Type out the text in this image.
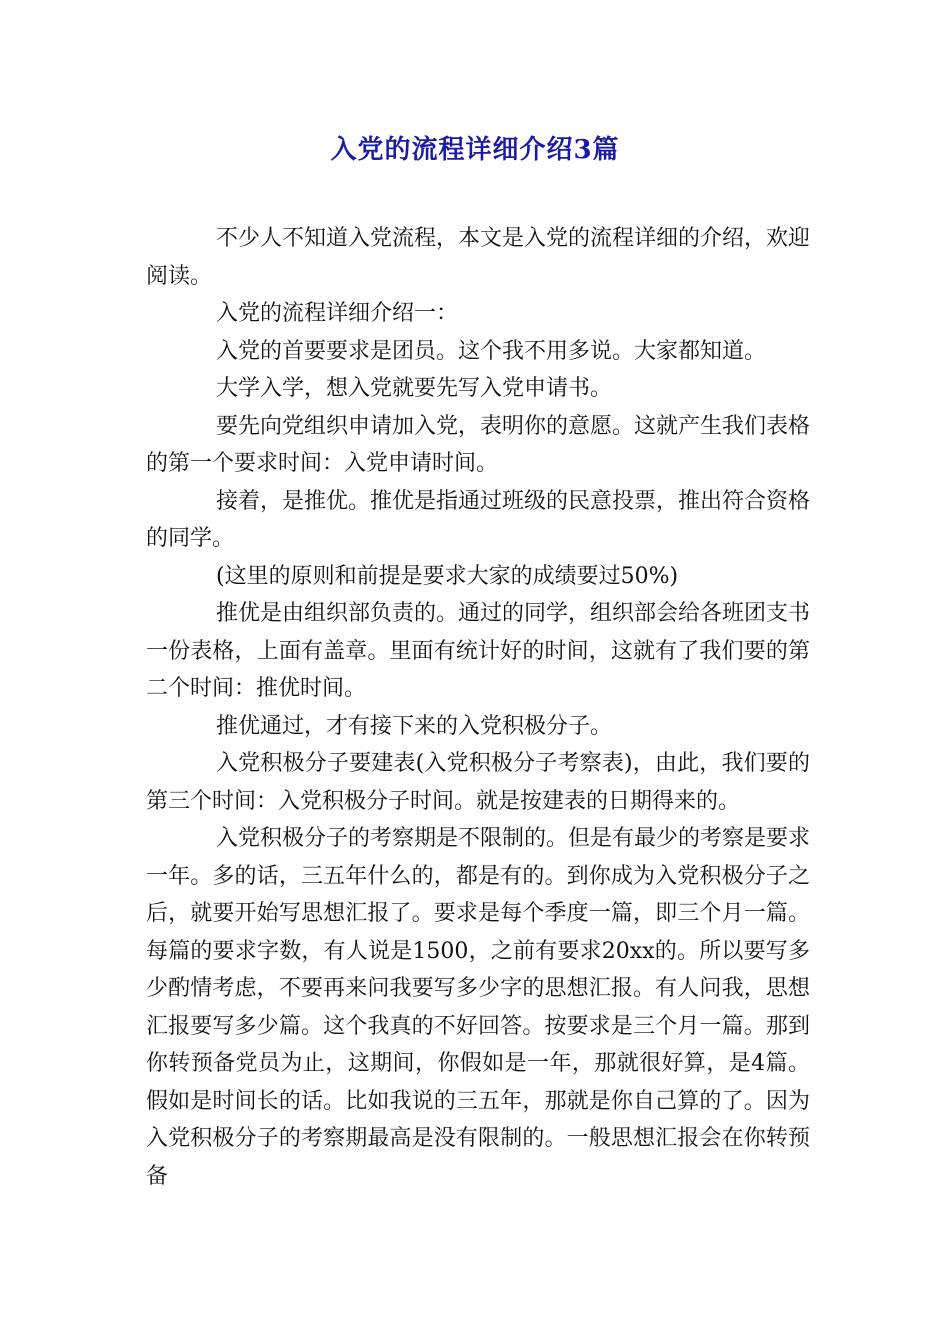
入党的流程详细介绍3篇

不少人不知道入党流程，本文是入党的流程详细的介绍，欢迎阅读。

入党的流程详细介绍一：

入党的首要要求是团员。这个我不用多说。大家都知道。

大学入学，想入党就要先写入党申请书。

要先向党组织申请加入党，表明你的意愿。这就产生我们表格的第一个要求时间：入党申请时间。

接着，是推优。推优是指通过班级的民意投票，推出符合资格的同学。

(这里的原则和前提是要求大家的成绩要过50%)

推优是由组织部负责的。通过的同学，组织部会给各班团支书一份表格，上面有盖章。里面有统计好的时间，这就有了我们要的第二个时间：推优时间。

推优通过，才有接下来的入党积极分子。

入党积极分子要建表(入党积极分子考察表)，由此，我们要的第三个时间：入党积极分子时间。就是按建表的日期得来的。

入党积极分子的考察期是不限制的。但是有最少的考察是要求一年。多的话，三五年什么的，都是有的。到你成为入党积极分子之后，就要开始写思想汇报了。要求是每个季度一篇，即三个月一篇。每篇的要求字数，有人说是1500，之前有要求20xx的。所以要写多少酌情考虑，不要再来问我要写多少字的思想汇报。有人问我，思想汇报要写多少篇。这个我真的不好回答。按要求是三个月一篇。那到你转预备党员为止，这期间，你假如是一年，那就很好算，是4篇。假如是时间长的话。比如我说的三五年，那就是你自己算的了。因为入党积极分子的考察期最高是没有限制的。一般思想汇报会在你转预备
